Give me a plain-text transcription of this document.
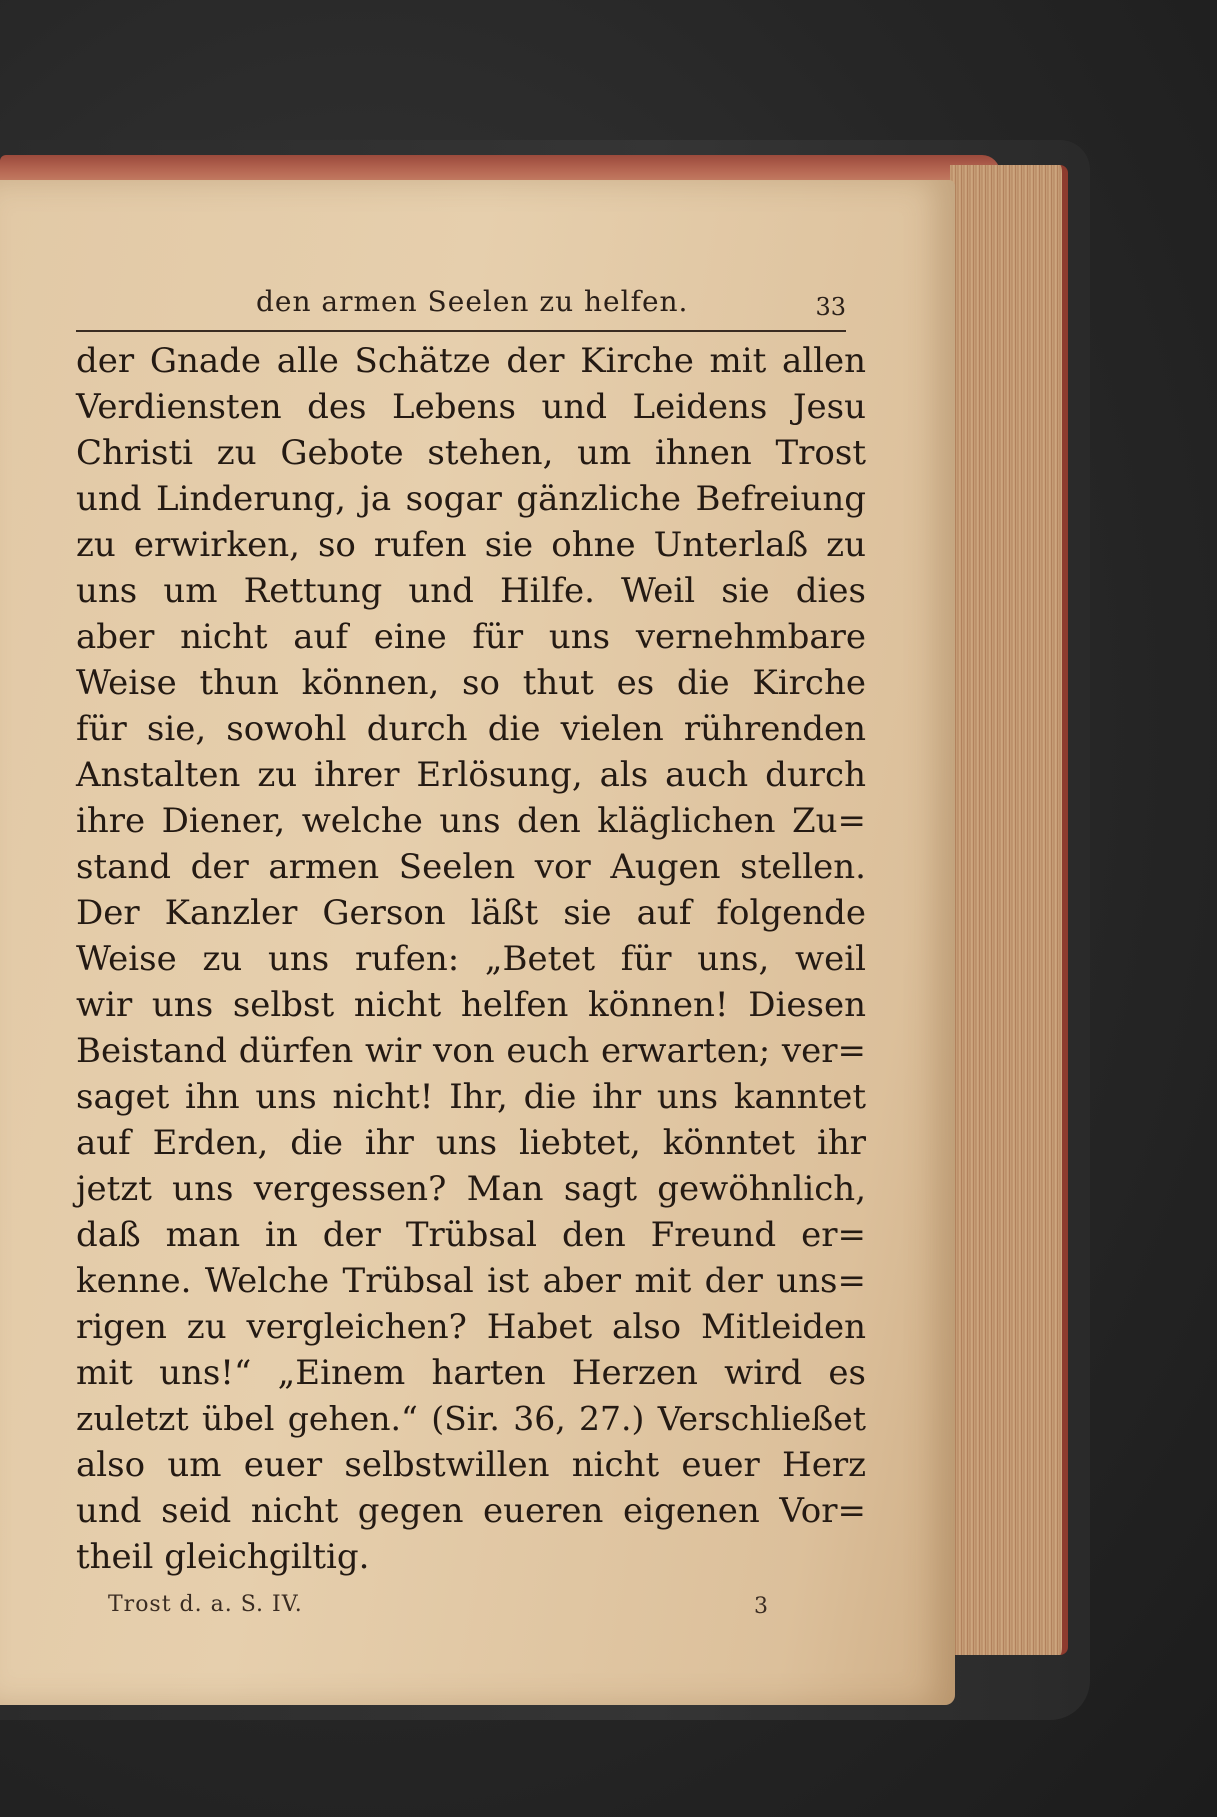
den armen Seelen zu helfen.	33
der Gnade alle Schätze der Kirche mit allen
Verdiensten des Lebens und Leidens Jesu
Christi zu Gebote stehen, um ihnen Trost
und Linderung, ja sogar gänzliche Befreiung
zu erwirken, so rufen sie ohne Unterlaß zu
uns um Rettung und Hilfe. Weil sie dies
aber nicht auf eine für uns vernehmbare
Weise thun können, so thut es die Kirche
für sie, sowohl durch die vielen rührenden
Anstalten zu ihrer Erlösung, als auch durch
ihre Diener, welche uns den kläglichen Zu=
stand der armen Seelen vor Augen stellen.
Der Kanzler Gerson läßt sie auf folgende
Weise zu uns rufen: „Betet für uns, weil
wir uns selbst nicht helfen können! Diesen
Beistand dürfen wir von euch erwarten; ver=
saget ihn uns nicht! Ihr, die ihr uns kanntet
auf Erden, die ihr uns liebtet, könntet ihr
jetzt uns vergessen? Man sagt gewöhnlich,
daß man in der Trübsal den Freund er=
kenne. Welche Trübsal ist aber mit der uns=
rigen zu vergleichen? Habet also Mitleiden
mit uns!“ „Einem harten Herzen wird es
zuletzt übel gehen.“ (Sir. 36, 27.) Verschließet
also um euer selbstwillen nicht euer Herz
und seid nicht gegen eueren eigenen Vor=
theil gleichgiltig.
Trost d. a. S. IV.	3
